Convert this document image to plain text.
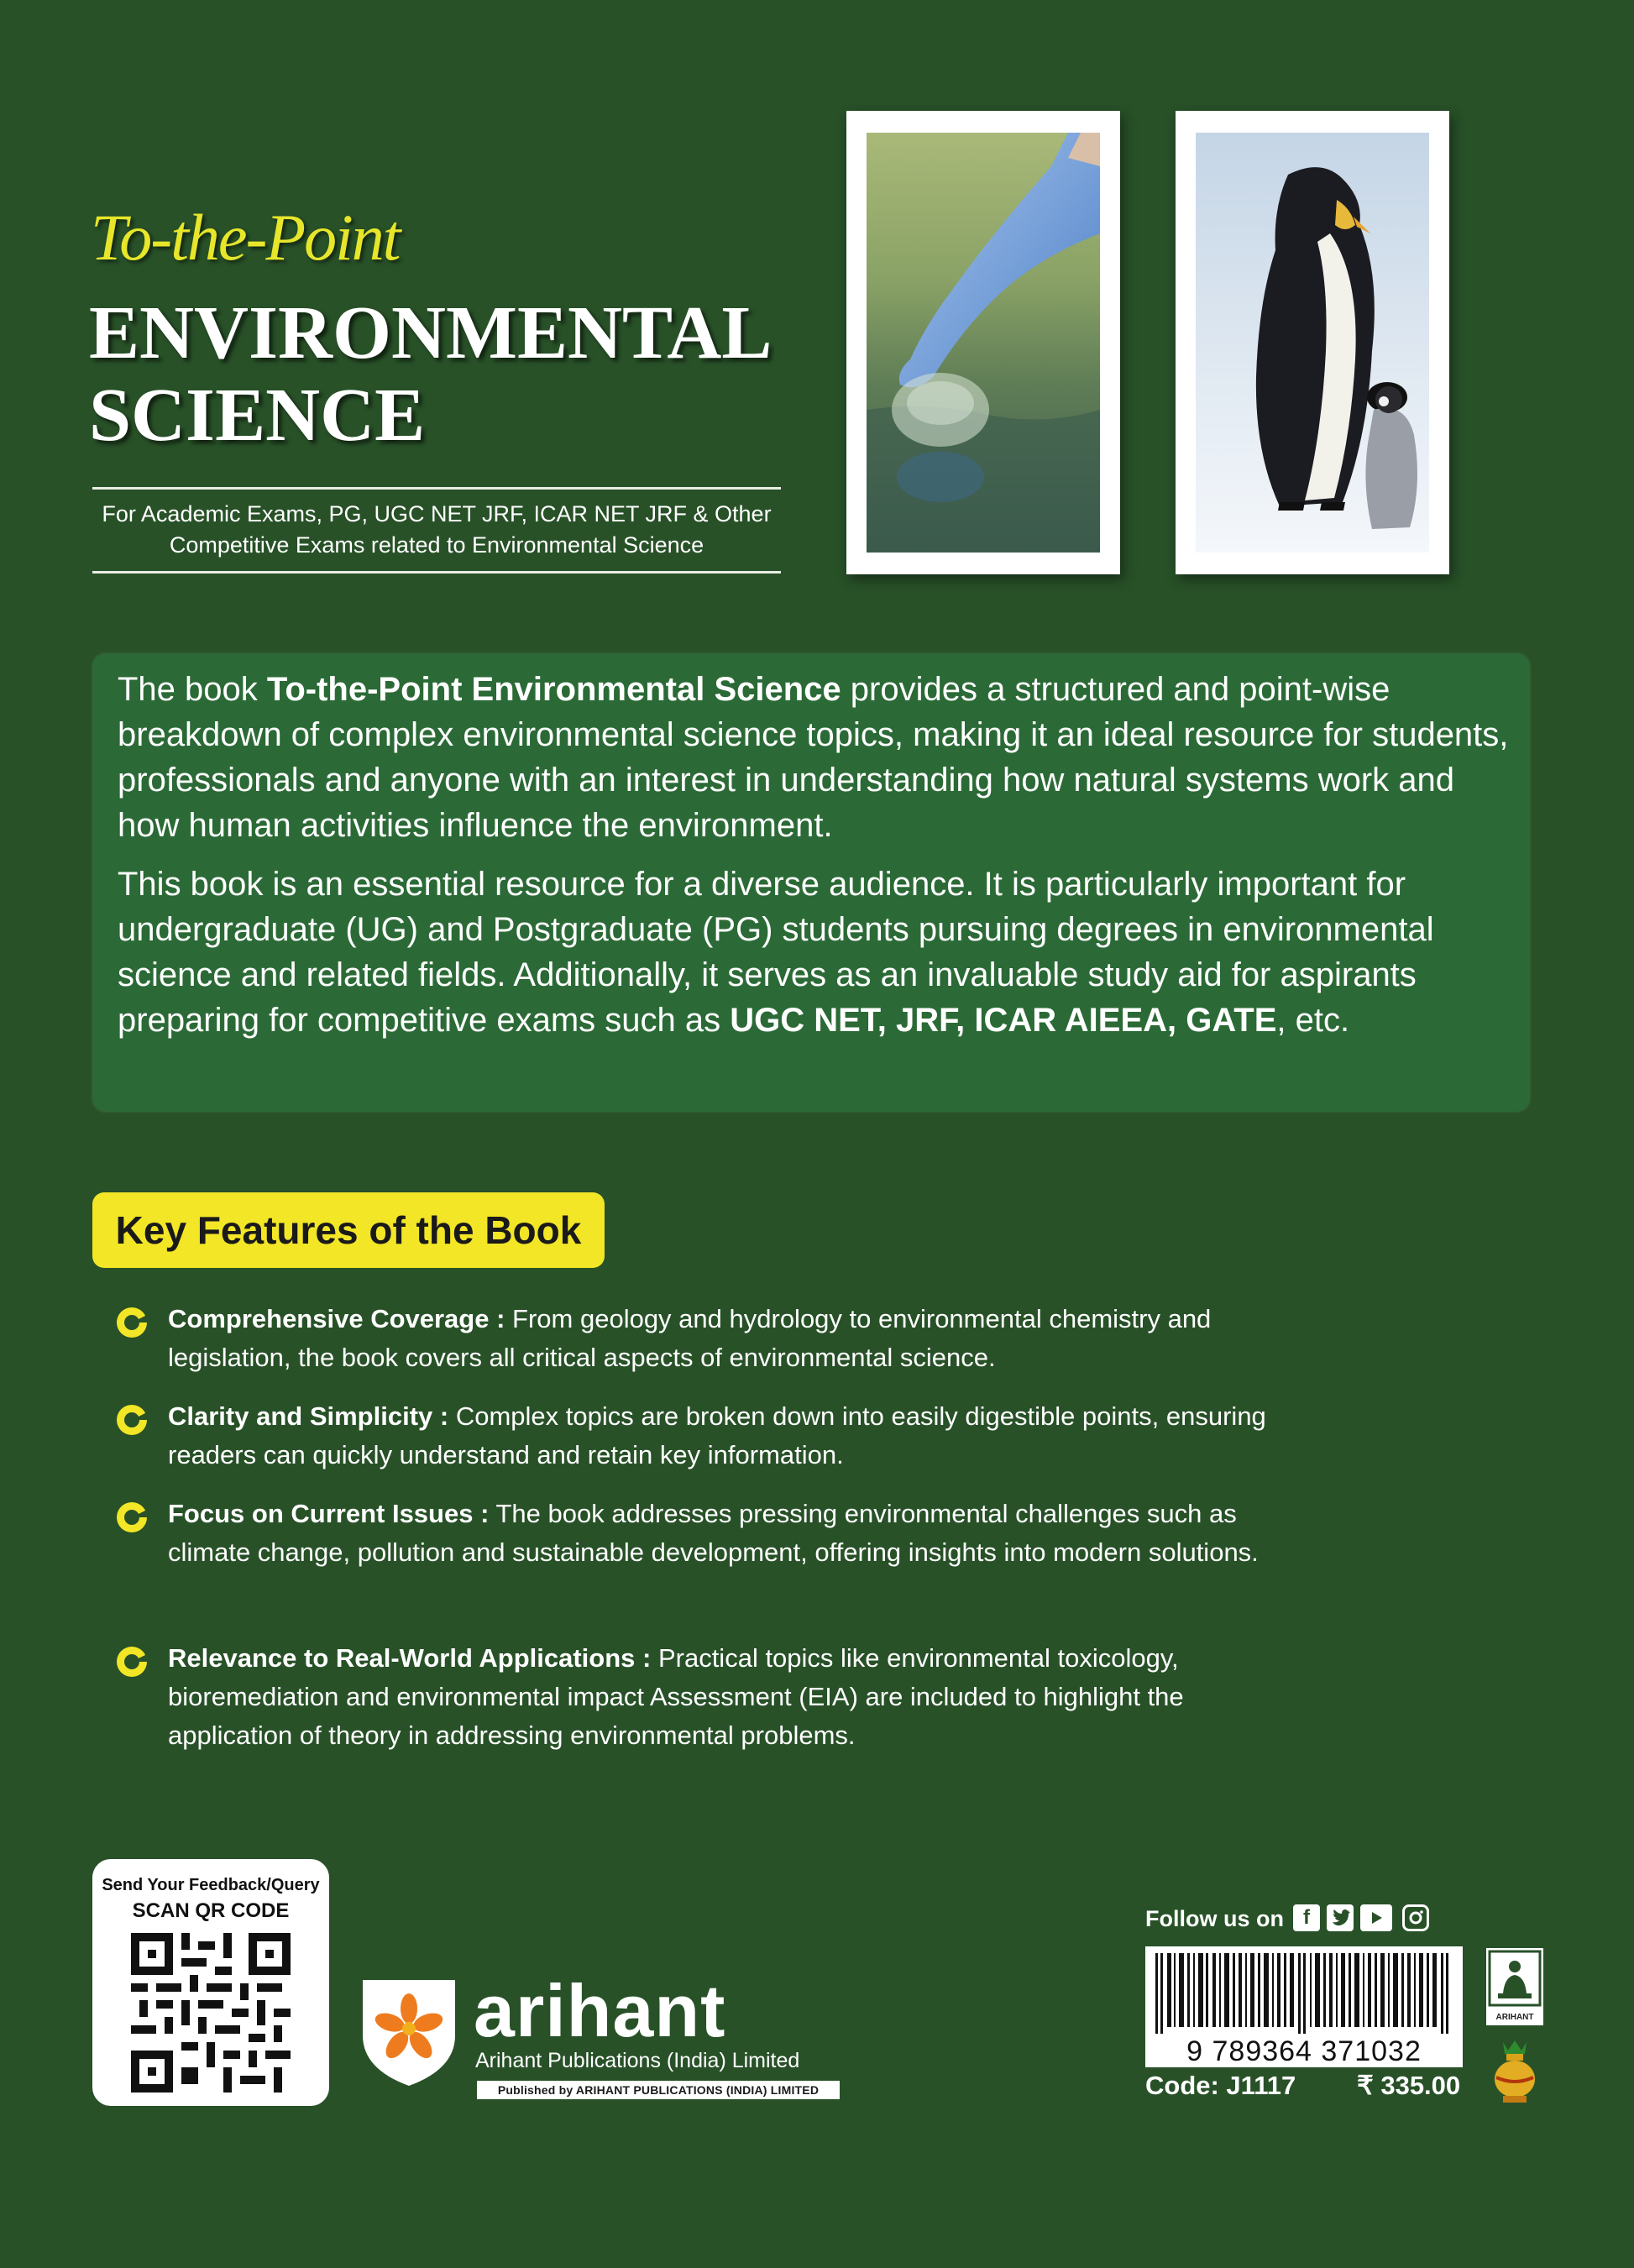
To-the-Point
ENVIRONMENTAL
SCIENCE
For Academic Exams, PG, UGC NET JRF, ICAR NET JRF & Other
Competitive Exams related to Environmental Science

The book To-the-Point Environmental Science provides a structured and point-wise breakdown of complex environmental science topics, making it an ideal resource for students, professionals and anyone with an interest in understanding how natural systems work and how human activities influence the environment.

This book is an essential resource for a diverse audience. It is particularly important for undergraduate (UG) and Postgraduate (PG) students pursuing degrees in environmental science and related fields. Additionally, it serves as an invaluable study aid for aspirants preparing for competitive exams such as UGC NET, JRF, ICAR AIEEA, GATE, etc.

Key Features of the Book
Comprehensive Coverage : From geology and hydrology to environmental chemistry and legislation, the book covers all critical aspects of environmental science.
Clarity and Simplicity : Complex topics are broken down into easily digestible points, ensuring readers can quickly understand and retain key information.
Focus on Current Issues : The book addresses pressing environmental challenges such as climate change, pollution and sustainable development, offering insights into modern solutions.
Relevance to Real-World Applications : Practical topics like environmental toxicology, bioremediation and environmental impact Assessment (EIA) are included to highlight the application of theory in addressing environmental problems.
Send Your Feedback/Query
SCAN QR CODE
arihant
Arihant Publications (India) Limited
Published by ARIHANT PUBLICATIONS (INDIA) LIMITED
Follow us on f
9 789364 371032
ARIHANT
Code: J1117 ₹ 335.00
